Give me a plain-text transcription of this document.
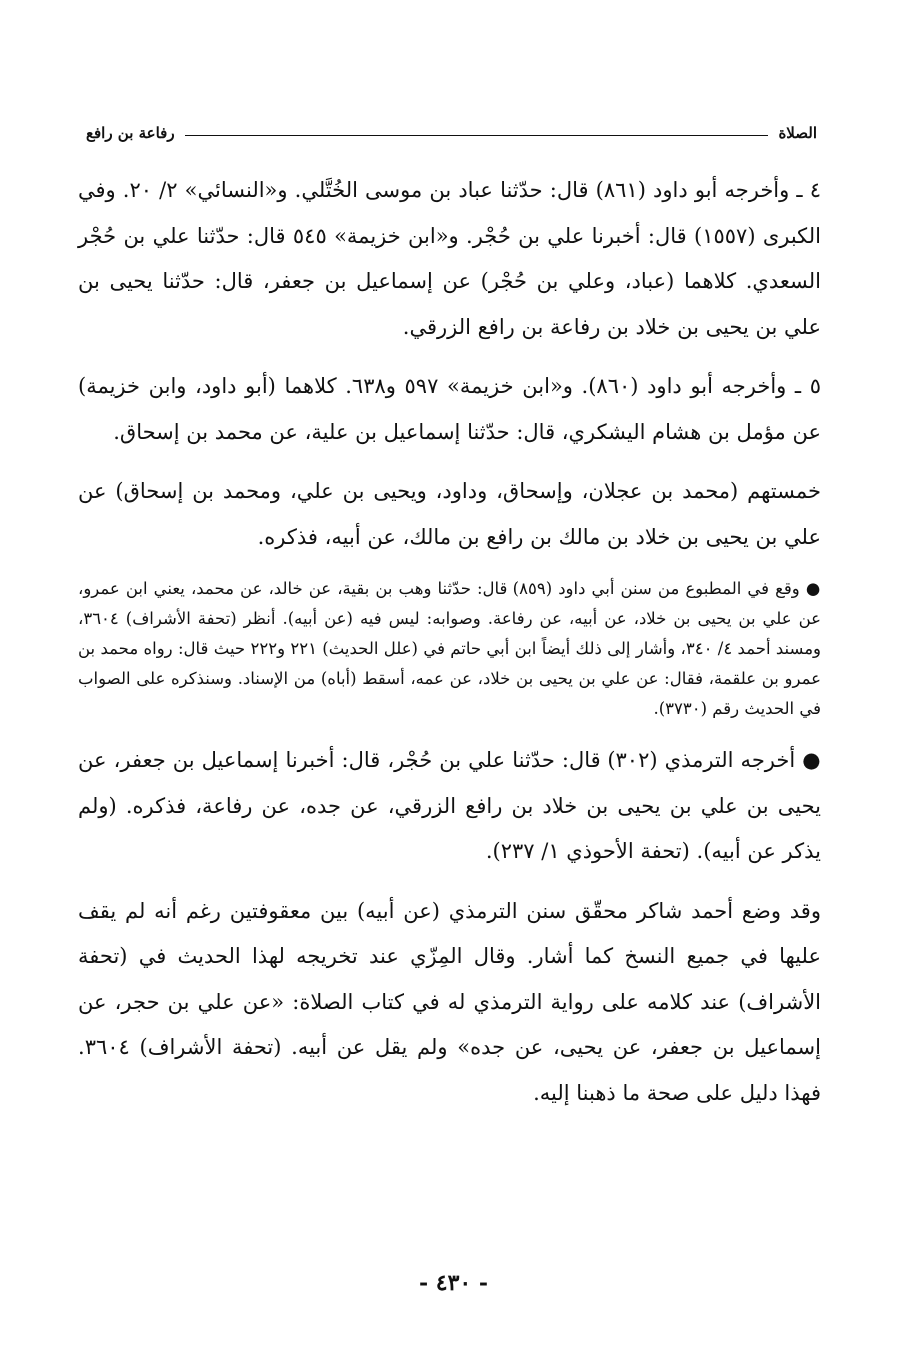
الصلاة
رفاعة بن رافع

٤ ـ وأخرجه أبو داود (٨٦١) قال: حدّثنا عباد بن موسى الخُتَّلي. و«النسائي» ٢/ ٢٠. وفي الكبرى (١٥٥٧) قال: أخبرنا علي بن حُجْر. و«ابن خزيمة» ٥٤٥ قال: حدّثنا علي بن حُجْر السعدي. كلاهما (عباد، وعلي بن حُجْر) عن إسماعيل بن جعفر، قال: حدّثنا يحيى بن علي بن يحيى بن خلاد بن رفاعة بن رافع الزرقي.

٥ ـ وأخرجه أبو داود (٨٦٠). و«ابن خزيمة» ٥٩٧ و٦٣٨. كلاهما (أبو داود، وابن خزيمة) عن مؤمل بن هشام اليشكري، قال: حدّثنا إسماعيل بن علية، عن محمد بن إسحاق.

خمستهم (محمد بن عجلان، وإسحاق، وداود، ويحيى بن علي، ومحمد بن إسحاق) عن علي بن يحيى بن خلاد بن مالك بن رافع بن مالك، عن أبيه، فذكره.

● وقع في المطبوع من سنن أبي داود (٨٥٩) قال: حدّثنا وهب بن بقية، عن خالد، عن محمد، يعني ابن عمرو، عن علي بن يحيى بن خلاد، عن أبيه، عن رفاعة. وصوابه: ليس فيه (عن أبيه). أنظر (تحفة الأشراف) ٣٦٠٤، ومسند أحمد ٤/ ٣٤٠، وأشار إلى ذلك أيضاً ابن أبي حاتم في (علل الحديث) ٢٢١ و٢٢٢ حيث قال: رواه محمد بن عمرو بن علقمة، فقال: عن علي بن يحيى بن خلاد، عن عمه، أسقط (أباه) من الإسناد. وسنذكره على الصواب في الحديث رقم (٣٧٣٠).

● أخرجه الترمذي (٣٠٢) قال: حدّثنا علي بن حُجْر، قال: أخبرنا إسماعيل بن جعفر، عن يحيى بن علي بن يحيى بن خلاد بن رافع الزرقي، عن جده، عن رفاعة، فذكره. (ولم يذكر عن أبيه). (تحفة الأحوذي ١/ ٢٣٧).

وقد وضع أحمد شاكر محقّق سنن الترمذي (عن أبيه) بين معقوفتين رغم أنه لم يقف عليها في جميع النسخ كما أشار. وقال المِزّي عند تخريجه لهذا الحديث في (تحفة الأشراف) عند كلامه على رواية الترمذي له في كتاب الصلاة: «عن علي بن حجر، عن إسماعيل بن جعفر، عن يحيى، عن جده» ولم يقل عن أبيه. (تحفة الأشراف) ٣٦٠٤. فهذا دليل على صحة ما ذهبنا إليه.

- ٤٣٠ -
